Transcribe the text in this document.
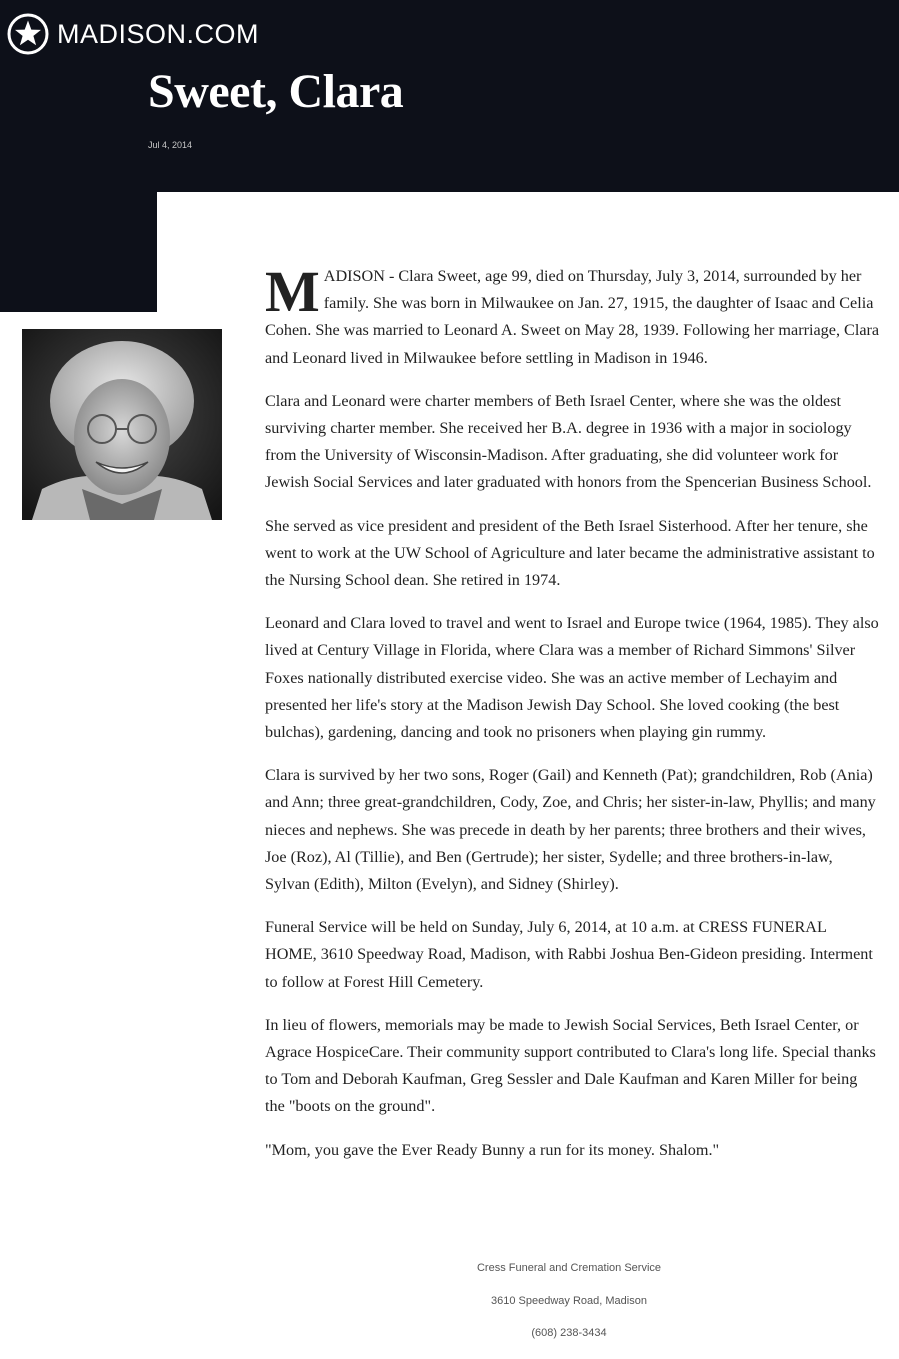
MADISON.COM
Sweet, Clara
Jul 4, 2014

MADISON - Clara Sweet, age 99, died on Thursday, July 3, 2014, surrounded by her family. She was born in Milwaukee on Jan. 27, 1915, the daughter of Isaac and Celia Cohen. She was married to Leonard A. Sweet on May 28, 1939. Following her marriage, Clara and Leonard lived in Milwaukee before settling in Madison in 1946.

Clara and Leonard were charter members of Beth Israel Center, where she was the oldest surviving charter member. She received her B.A. degree in 1936 with a major in sociology from the University of Wisconsin-Madison. After graduating, she did volunteer work for Jewish Social Services and later graduated with honors from the Spencerian Business School.

She served as vice president and president of the Beth Israel Sisterhood. After her tenure, she went to work at the UW School of Agriculture and later became the administrative assistant to the Nursing School dean. She retired in 1974.

Leonard and Clara loved to travel and went to Israel and Europe twice (1964, 1985). They also lived at Century Village in Florida, where Clara was a member of Richard Simmons' Silver Foxes nationally distributed exercise video. She was an active member of Lechayim and presented her life's story at the Madison Jewish Day School. She loved cooking (the best bulchas), gardening, dancing and took no prisoners when playing gin rummy.

Clara is survived by her two sons, Roger (Gail) and Kenneth (Pat); grandchildren, Rob (Ania) and Ann; three great-grandchildren, Cody, Zoe, and Chris; her sister-in-law, Phyllis; and many nieces and nephews. She was precede in death by her parents; three brothers and their wives, Joe (Roz), Al (Tillie), and Ben (Gertrude); her sister, Sydelle; and three brothers-in-law, Sylvan (Edith), Milton (Evelyn), and Sidney (Shirley).

Funeral Service will be held on Sunday, July 6, 2014, at 10 a.m. at CRESS FUNERAL HOME, 3610 Speedway Road, Madison, with Rabbi Joshua Ben-Gideon presiding. Interment to follow at Forest Hill Cemetery.

In lieu of flowers, memorials may be made to Jewish Social Services, Beth Israel Center, or Agrace HospiceCare. Their community support contributed to Clara's long life. Special thanks to Tom and Deborah Kaufman, Greg Sessler and Dale Kaufman and Karen Miller for being the "boots on the ground".

"Mom, you gave the Ever Ready Bunny a run for its money. Shalom."

Cress Funeral and Cremation Service
3610 Speedway Road, Madison
(608) 238-3434
